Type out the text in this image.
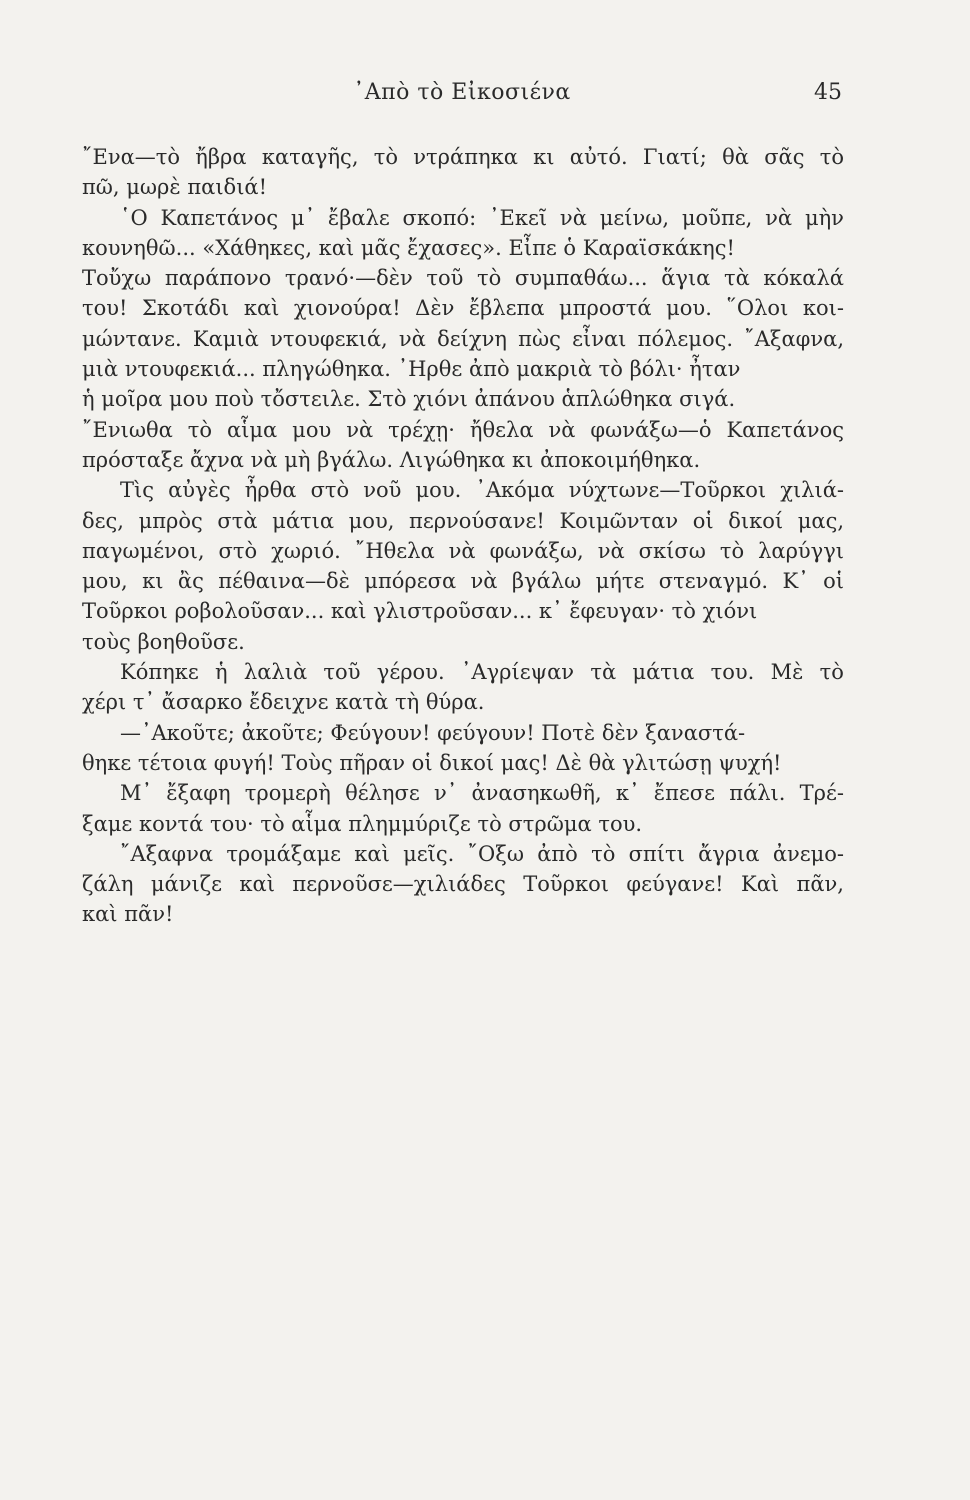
᾿Απὸ τὸ Εἰκοσιένα	45
῎Ενα—τὸ ἤβρα καταγῆς, τὸ ντράπηκα κι αὐτό. Γιατί; θὰ σᾶς τὸ
πῶ, μωρὲ παιδιά!
῾Ο Καπετάνος μ᾿ ἔβαλε σκοπό: ᾿Εκεῖ νὰ μείνω, μοῦπε, νὰ μὴν
κουνηθῶ... «Χάθηκες, καὶ μᾶς ἔχασες». Εἶπε ὁ Καραϊσκάκης!
Τοὔχω παράπονο τρανό·—δὲν τοῦ τὸ συμπαθάω... ἅγια τὰ κόκαλά
του! Σκοτάδι καὶ χιονούρα! Δὲν ἔβλεπα μπροστά μου. ῞Ολοι κοι-
μώντανε. Καμιὰ ντουφεκιά, νὰ δείχνη πὼς εἶναι πόλεμος. ῎Αξαφνα,
μιὰ ντουφεκιά... πληγώθηκα. ᾿Ηρθε ἀπὸ μακριὰ τὸ βόλι· ἦταν
ἡ μοῖρα μου ποὺ τὄστειλε. Στὸ χιόνι ἀπάνου ἁπλώθηκα σιγά.
῎Ενιωθα τὸ αἷμα μου νὰ τρέχῃ· ἤθελα νὰ φωνάξω—ὁ Καπετάνος
πρόσταξε ἄχνα νὰ μὴ βγάλω. Λιγώθηκα κι ἀποκοιμήθηκα.
Τὶς αὐγὲς ἦρθα στὸ νοῦ μου. ᾿Ακόμα νύχτωνε—Τοῦρκοι χιλιά-
δες, μπρὸς στὰ μάτια μου, περνούσανε! Κοιμῶνταν οἱ δικοί μας,
παγωμένοι, στὸ χωριό. ῎Ηθελα νὰ φωνάξω, νὰ σκίσω τὸ λαρύγγι
μου, κι ἂς πέθαινα—δὲ μπόρεσα νὰ βγάλω μήτε στεναγμό. Κ᾿ οἱ
Τοῦρκοι ροβολοῦσαν... καὶ γλιστροῦσαν... κ᾿ ἔφευγαν· τὸ χιόνι
τοὺς βοηθοῦσε.
Κόπηκε ἡ λαλιὰ τοῦ γέρου. ᾿Αγρίεψαν τὰ μάτια του. Μὲ τὸ
χέρι τ᾿ ἄσαρκο ἔδειχνε κατὰ τὴ θύρα.
—᾿Ακοῦτε; ἀκοῦτε; Φεύγουν! φεύγουν! Ποτὲ δὲν ξαναστά-
θηκε τέτοια φυγή! Τοὺς πῆραν οἱ δικοί μας! Δὲ θὰ γλιτώσῃ ψυχή!
Μ᾿ ἔξαφη τρομερὴ θέλησε ν᾿ ἀνασηκωθῆ, κ᾿ ἔπεσε πάλι. Τρέ-
ξαμε κοντά του· τὸ αἷμα πλημμύριζε τὸ στρῶμα του.
῎Αξαφνα τρομάξαμε καὶ μεῖς. ῎Οξω ἀπὸ τὸ σπίτι ἄγρια ἀνεμο-
ζάλη μάνιζε καὶ περνοῦσε—χιλιάδες Τοῦρκοι φεύγανε! Καὶ πᾶν,
καὶ πᾶν!
